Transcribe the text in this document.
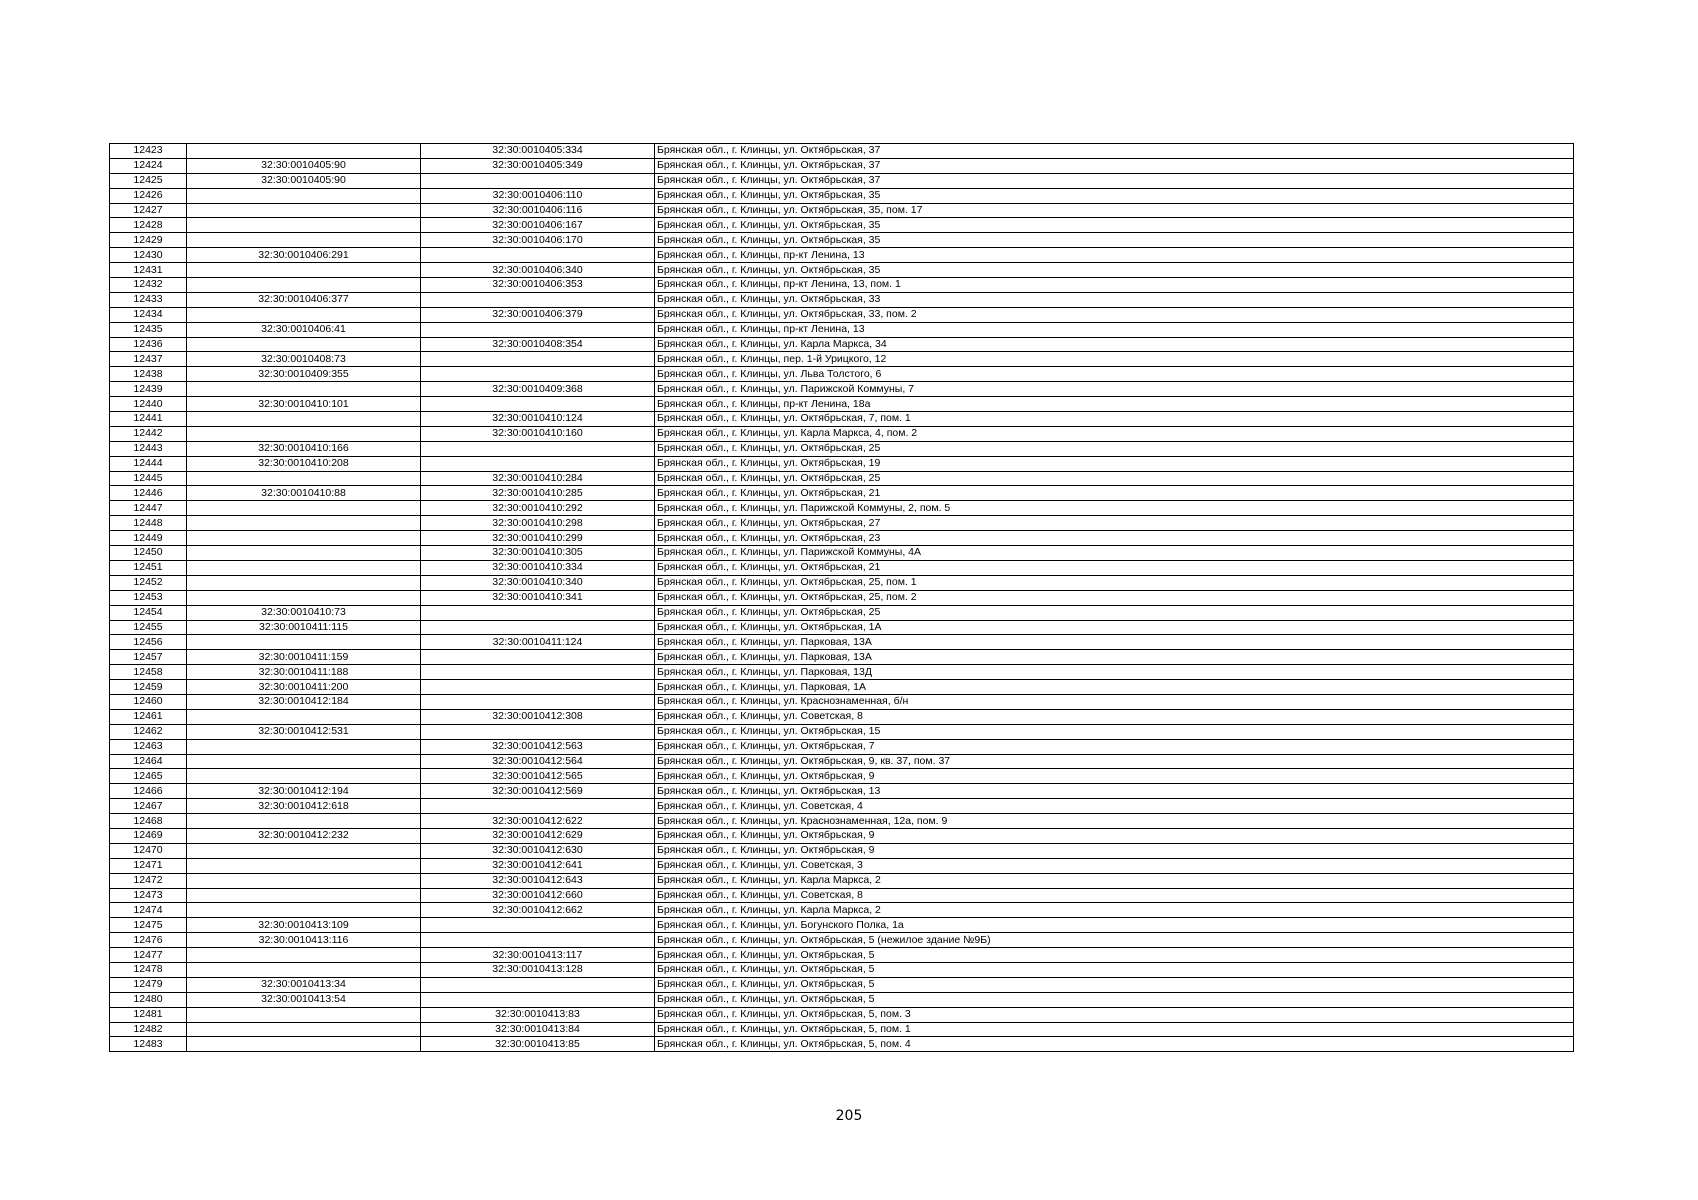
12423		32:30:0010405:334	Брянская обл., г. Клинцы, ул. Октябрьская, 37
12424	32:30:0010405:90	32:30:0010405:349	Брянская обл., г. Клинцы, ул. Октябрьская, 37
12425	32:30:0010405:90		Брянская обл., г. Клинцы, ул. Октябрьская, 37
12426		32:30:0010406:110	Брянская обл., г. Клинцы, ул. Октябрьская, 35
12427		32:30:0010406:116	Брянская обл., г. Клинцы, ул. Октябрьская, 35, пом. 17
12428		32:30:0010406:167	Брянская обл., г. Клинцы, ул. Октябрьская, 35
12429		32:30:0010406:170	Брянская обл., г. Клинцы, ул. Октябрьская, 35
12430	32:30:0010406:291		Брянская обл., г. Клинцы, пр-кт Ленина, 13
12431		32:30:0010406:340	Брянская обл., г. Клинцы, ул. Октябрьская, 35
12432		32:30:0010406:353	Брянская обл., г. Клинцы, пр-кт Ленина, 13, пом. 1
12433	32:30:0010406:377		Брянская обл., г. Клинцы, ул. Октябрьская, 33
12434		32:30:0010406:379	Брянская обл., г. Клинцы, ул. Октябрьская, 33, пом. 2
12435	32:30:0010406:41		Брянская обл., г. Клинцы, пр-кт Ленина, 13
12436		32:30:0010408:354	Брянская обл., г. Клинцы, ул. Карла Маркса, 34
12437	32:30:0010408:73		Брянская обл., г. Клинцы, пер. 1-й Урицкого, 12
12438	32:30:0010409:355		Брянская обл., г. Клинцы, ул. Льва Толстого, 6
12439		32:30:0010409:368	Брянская обл., г. Клинцы, ул. Парижской Коммуны, 7
12440	32:30:0010410:101		Брянская обл., г. Клинцы, пр-кт Ленина, 18а
12441		32:30:0010410:124	Брянская обл., г. Клинцы, ул. Октябрьская, 7, пом. 1
12442		32:30:0010410:160	Брянская обл., г. Клинцы, ул. Карла Маркса, 4, пом. 2
12443	32:30:0010410:166		Брянская обл., г. Клинцы, ул. Октябрьская, 25
12444	32:30:0010410:208		Брянская обл., г. Клинцы, ул. Октябрьская, 19
12445		32:30:0010410:284	Брянская обл., г. Клинцы, ул. Октябрьская, 25
12446	32:30:0010410:88	32:30:0010410:285	Брянская обл., г. Клинцы, ул. Октябрьская, 21
12447		32:30:0010410:292	Брянская обл., г. Клинцы, ул. Парижской Коммуны, 2, пом. 5
12448		32:30:0010410:298	Брянская обл., г. Клинцы, ул. Октябрьская, 27
12449		32:30:0010410:299	Брянская обл., г. Клинцы, ул. Октябрьская, 23
12450		32:30:0010410:305	Брянская обл., г. Клинцы, ул. Парижской Коммуны, 4А
12451		32:30:0010410:334	Брянская обл., г. Клинцы, ул. Октябрьская, 21
12452		32:30:0010410:340	Брянская обл., г. Клинцы, ул. Октябрьская, 25, пом. 1
12453		32:30:0010410:341	Брянская обл., г. Клинцы, ул. Октябрьская, 25, пом. 2
12454	32:30:0010410:73		Брянская обл., г. Клинцы, ул. Октябрьская, 25
12455	32:30:0010411:115		Брянская обл., г. Клинцы, ул. Октябрьская, 1А
12456		32:30:0010411:124	Брянская обл., г. Клинцы, ул. Парковая, 13А
12457	32:30:0010411:159		Брянская обл., г. Клинцы, ул. Парковая, 13А
12458	32:30:0010411:188		Брянская обл., г. Клинцы, ул. Парковая, 13Д
12459	32:30:0010411:200		Брянская обл., г. Клинцы, ул. Парковая, 1А
12460	32:30:0010412:184		Брянская обл., г. Клинцы, ул. Краснознаменная, б/н
12461		32:30:0010412:308	Брянская обл., г. Клинцы, ул. Советская, 8
12462	32:30:0010412:531		Брянская обл., г. Клинцы, ул. Октябрьская, 15
12463		32:30:0010412:563	Брянская обл., г. Клинцы, ул. Октябрьская, 7
12464		32:30:0010412:564	Брянская обл., г. Клинцы, ул. Октябрьская, 9, кв. 37, пом. 37
12465		32:30:0010412:565	Брянская обл., г. Клинцы, ул. Октябрьская, 9
12466	32:30:0010412:194	32:30:0010412:569	Брянская обл., г. Клинцы, ул. Октябрьская, 13
12467	32:30:0010412:618		Брянская обл., г. Клинцы, ул. Советская, 4
12468		32:30:0010412:622	Брянская обл., г. Клинцы, ул. Краснознаменная, 12а, пом. 9
12469	32:30:0010412:232	32:30:0010412:629	Брянская обл., г. Клинцы, ул. Октябрьская, 9
12470		32:30:0010412:630	Брянская обл., г. Клинцы, ул. Октябрьская, 9
12471		32:30:0010412:641	Брянская обл., г. Клинцы, ул. Советская, 3
12472		32:30:0010412:643	Брянская обл., г. Клинцы, ул. Карла Маркса, 2
12473		32:30:0010412:660	Брянская обл., г. Клинцы, ул. Советская, 8
12474		32:30:0010412:662	Брянская обл., г. Клинцы, ул. Карла Маркса, 2
12475	32:30:0010413:109		Брянская обл., г. Клинцы, ул. Богунского Полка, 1а
12476	32:30:0010413:116		Брянская обл., г. Клинцы, ул. Октябрьская, 5 (нежилое здание №9Б)
12477		32:30:0010413:117	Брянская обл., г. Клинцы, ул. Октябрьская, 5
12478		32:30:0010413:128	Брянская обл., г. Клинцы, ул. Октябрьская, 5
12479	32:30:0010413:34		Брянская обл., г. Клинцы, ул. Октябрьская, 5
12480	32:30:0010413:54		Брянская обл., г. Клинцы, ул. Октябрьская, 5
12481		32:30:0010413:83	Брянская обл., г. Клинцы, ул. Октябрьская, 5, пом. 3
12482		32:30:0010413:84	Брянская обл., г. Клинцы, ул. Октябрьская, 5, пом. 1
12483		32:30:0010413:85	Брянская обл., г. Клинцы, ул. Октябрьская, 5, пом. 4
205
